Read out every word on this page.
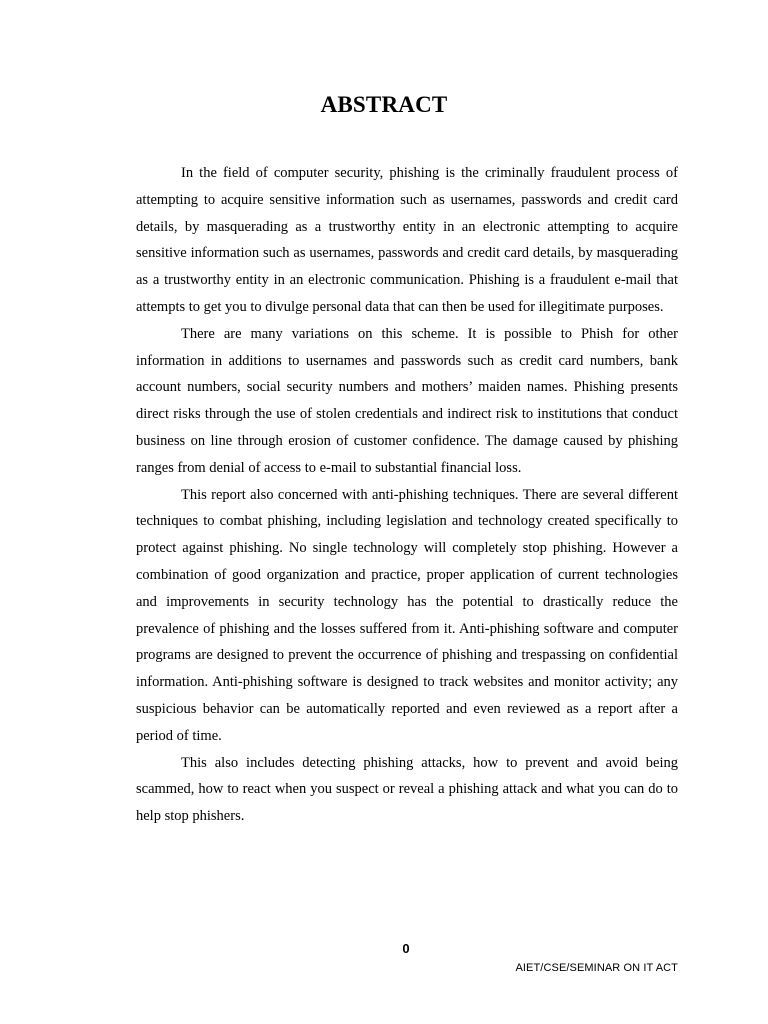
ABSTRACT

In the field of computer security, phishing is the criminally fraudulent process of attempting to acquire sensitive information such as usernames, passwords and credit card details, by masquerading as a trustworthy entity in an electronic attempting to acquire sensitive information such as usernames, passwords and credit card details, by masquerading as a trustworthy entity in an electronic communication. Phishing is a fraudulent e-mail that attempts to get you to divulge personal data that can then be used for illegitimate purposes.

There are many variations on this scheme. It is possible to Phish for other information in additions to usernames and passwords such as credit card numbers, bank account numbers, social security numbers and mothers’ maiden names. Phishing presents direct risks through the use of stolen credentials and indirect risk to institutions that conduct business on line through erosion of customer confidence. The damage caused by phishing ranges from denial of access to e-mail to substantial financial loss.

This report also concerned with anti-phishing techniques. There are several different techniques to combat phishing, including legislation and technology created specifically to protect against phishing. No single technology will completely stop phishing. However a combination of good organization and practice, proper application of current technologies and improvements in security technology has the potential to drastically reduce the prevalence of phishing and the losses suffered from it. Anti-phishing software and computer programs are designed to prevent the occurrence of phishing and trespassing on confidential information. Anti-phishing software is designed to track websites and monitor activity; any suspicious behavior can be automatically reported and even reviewed as a report after a period of time.

This also includes detecting phishing attacks, how to prevent and avoid being scammed, how to react when you suspect or reveal a phishing attack and what you can do to help stop phishers.

0
AIET/CSE/SEMINAR ON IT ACT
